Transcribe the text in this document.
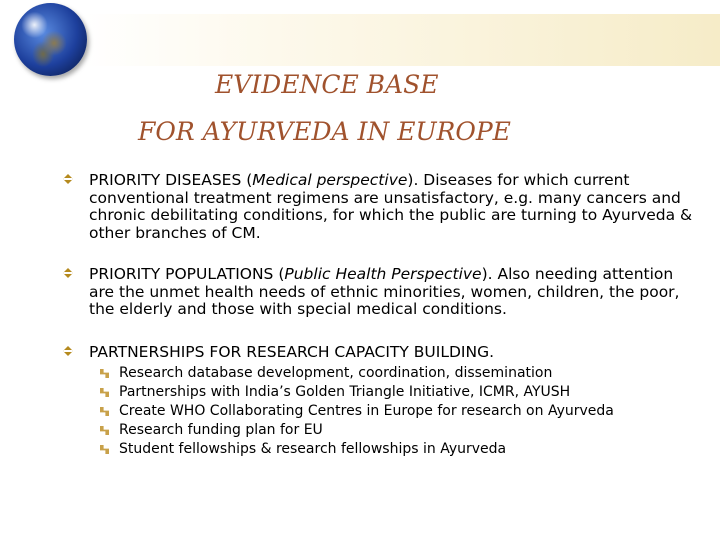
EVIDENCE BASE
FOR AYURVEDA IN EUROPE
PRIORITY DISEASES (Medical perspective). Diseases for which current conventional treatment regimens are unsatisfactory, e.g. many cancers and chronic debilitating conditions, for which the public are turning to Ayurveda & other branches of CM.
PRIORITY POPULATIONS (Public Health Perspective). Also needing attention are the unmet health needs of ethnic minorities, women, children, the poor, the elderly and those with special medical conditions.
PARTNERSHIPS FOR RESEARCH CAPACITY BUILDING.
Research database development, coordination, dissemination
Partnerships with India’s Golden Triangle Initiative, ICMR, AYUSH
Create WHO Collaborating Centres in Europe for research on Ayurveda
Research funding plan for EU
Student fellowships & research fellowships in Ayurveda
